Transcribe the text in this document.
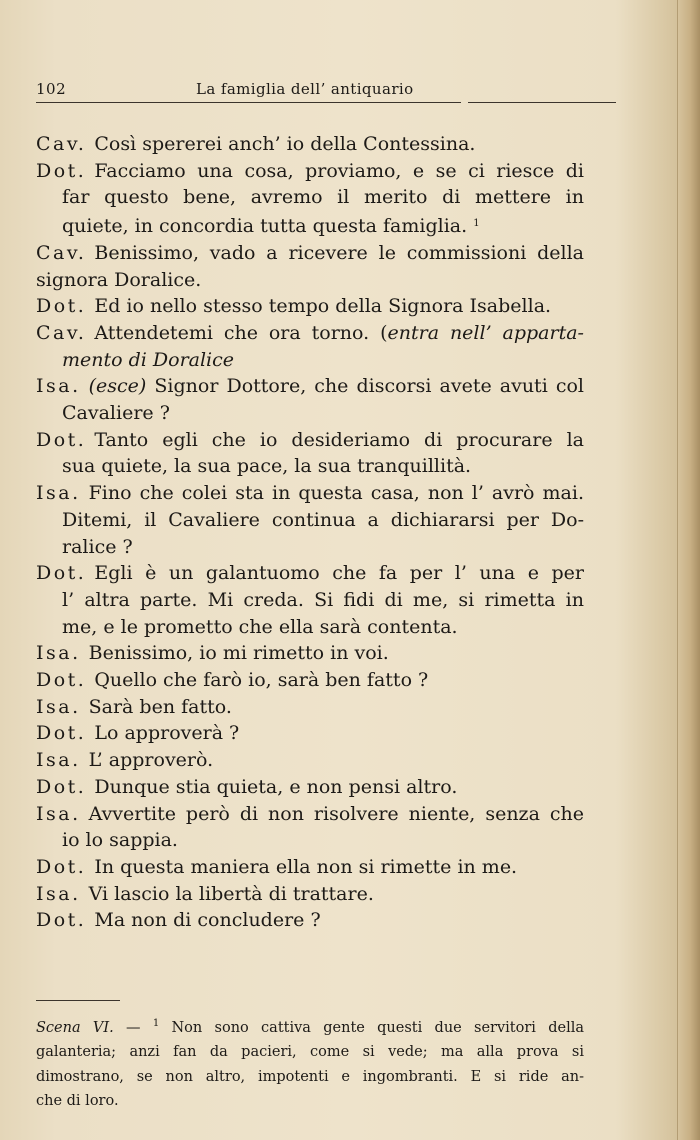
102	La famiglia dell’ antiquario

Cav. Così spererei anch’ io della Contessina.

Dot. Facciamo una cosa, proviamo, e se ci riesce di
far questo bene, avremo il merito di mettere in
quiete, in concordia tutta questa famiglia. $^1$

Cav. Benissimo, vado a ricevere le commissioni della
signora Doralice.

Dot. Ed io nello stesso tempo della Signora Isabella.

Cav. Attendetemi che ora torno. (entra nell’ apparta-
mento di Doralice

Isa. (esce) Signor Dottore, che discorsi avete avuti col
Cavaliere ?

Dot. Tanto egli che io desideriamo di procurare la
sua quiete, la sua pace, la sua tranquillità.

Isa. Fino che colei sta in questa casa, non l’ avrò mai.
Ditemi, il Cavaliere continua a dichiararsi per Do-
ralice ?

Dot. Egli è un galantuomo che fa per l’ una e per
l’ altra parte. Mi creda. Si fidi di me, si rimetta in
me, e le prometto che ella sarà contenta.

Isa. Benissimo, io mi rimetto in voi.

Dot. Quello che farò io, sarà ben fatto ?

Isa. Sarà ben fatto.

Dot. Lo approverà ?

Isa. L’ approverò.

Dot. Dunque stia quieta, e non pensi altro.

Isa. Avvertite però di non risolvere niente, senza che
io lo sappia.

Dot. In questa maniera ella non si rimette in me.

Isa. Vi lascio la libertà di trattare.

Dot. Ma non di concludere ?

Scena VI. — $^1$ Non sono cattiva gente questi due servitori della
galanteria; anzi fan da pacieri, come si vede; ma alla prova si
dimostrano, se non altro, impotenti e ingombranti. E si ride an-
che di loro.
